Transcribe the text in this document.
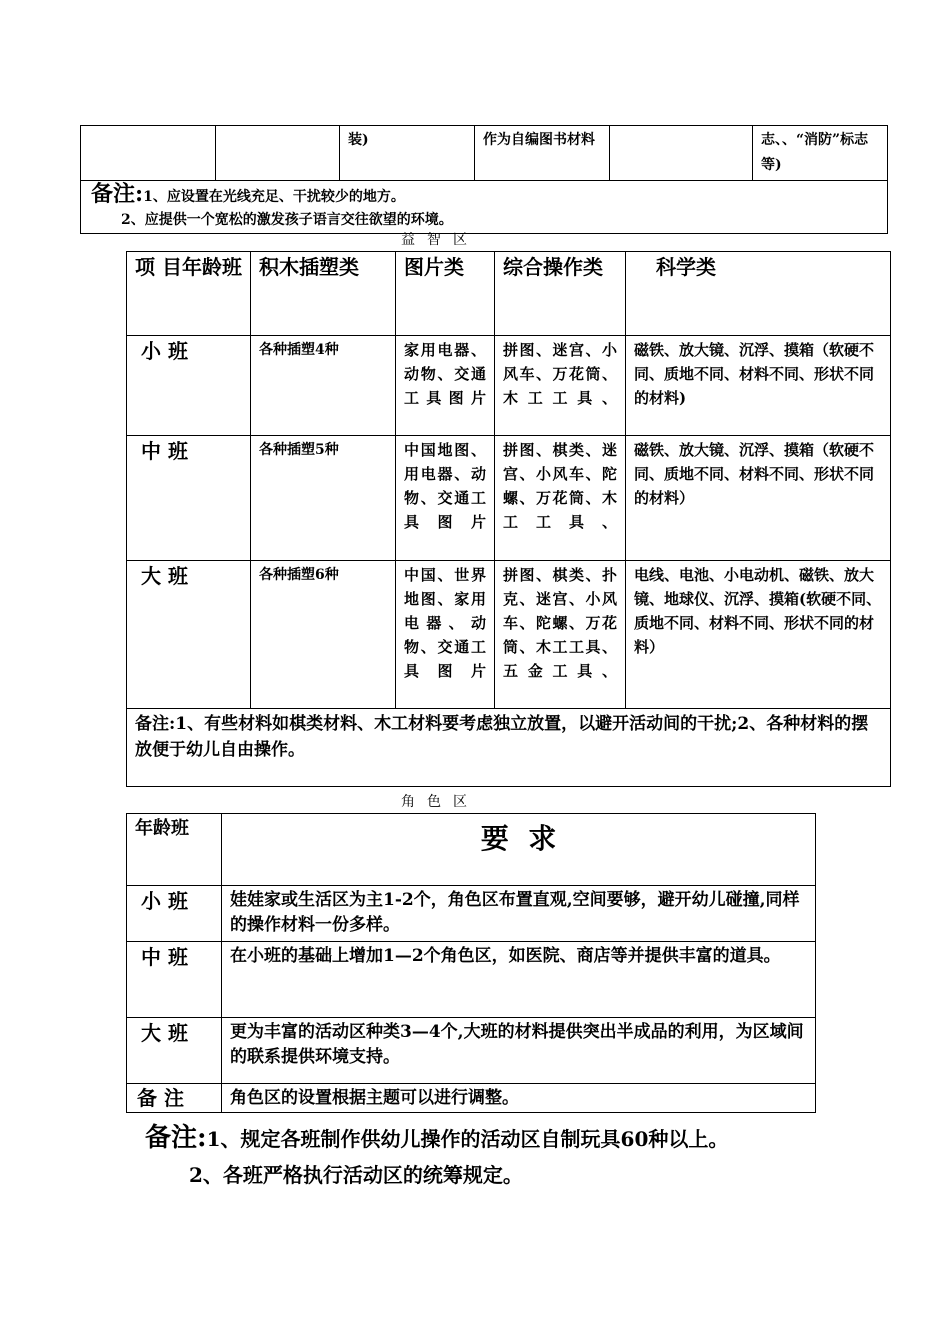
		装)	作为自编图书材料		志、、“消防”标志等)
备注:1、应设置在光线充足、干扰较少的地方。
2、应提供一个宽松的激发孩子语言交往欲望的环境。
益智区
项 目年龄班	积木插塑类	图片类	综合操作类	科学类
小 班	各种插塑4种	家用电器、动物、交通工具图片	拼图、迷宫、小风车、万花筒、木工工具、	磁铁、放大镜、沉浮、摸箱（软硬不同、质地不同、材料不同、形状不同的材料)
中 班	各种插塑5种	中国地图、用电器、动物、交通工具图片	拼图、棋类、迷宫、小风车、陀螺、万花筒、木工工具、	磁铁、放大镜、沉浮、摸箱（软硬不同、质地不同、材料不同、形状不同的材料）
大 班	各种插塑6种	中国、世界地图、家用电器、动物、交通工具图片	拼图、棋类、扑克、迷宫、小风车、陀螺、万花筒、木工工具、五金工具、	电线、电池、小电动机、磁铁、放大镜、地球仪、沉浮、摸箱(软硬不同、质地不同、材料不同、形状不同的材料）
备注:1、有些材料如棋类材料、木工材料要考虑独立放置，以避开活动间的干扰;2、各种材料的摆放便于幼儿自由操作。				
角色区
年龄班	要  求
小 班	娃娃家或生活区为主1-2个，角色区布置直观,空间要够，避开幼儿碰撞,同样的操作材料一份多样。
中 班	在小班的基础上增加1—2个角色区，如医院、商店等并提供丰富的道具。
大 班	更为丰富的活动区种类3—4个,大班的材料提供突出半成品的利用，为区域间的联系提供环境支持。
备 注	角色区的设置根据主题可以进行调整。
备注:1、规定各班制作供幼儿操作的活动区自制玩具60种以上。
2、各班严格执行活动区的统筹规定。
